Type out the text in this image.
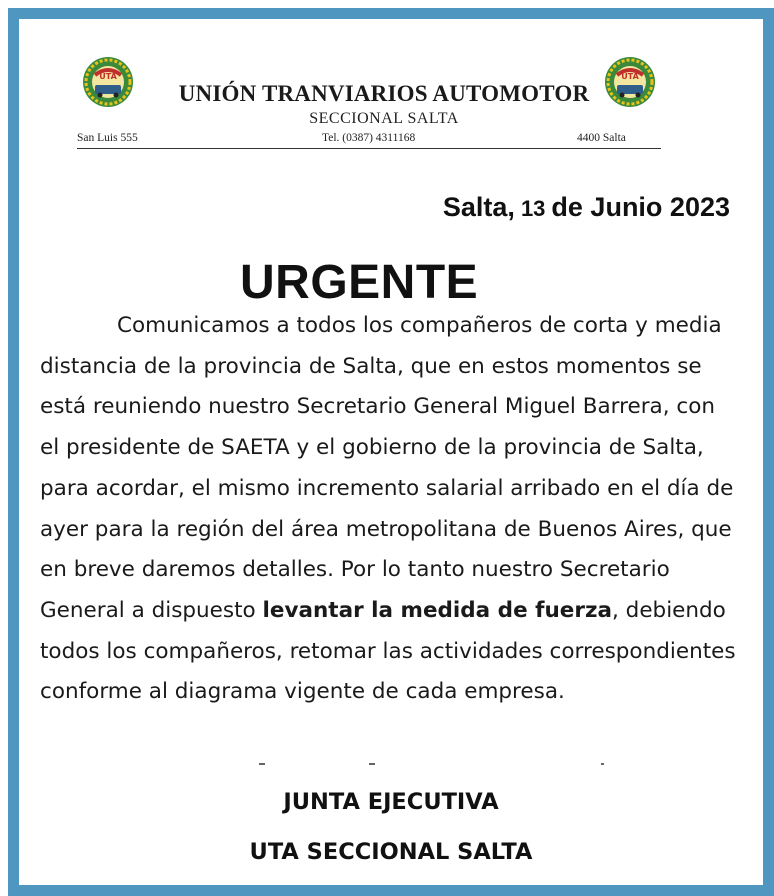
UTA
UNIÓN TRANVIARIOS AUTOMOTOR
SECCIONAL SALTA
UTA
San Luis 555	Tel. (0387) 4311168	4400 Salta
Salta, 13 de Junio 2023
URGENTE
Comunicamos a todos los compañeros de corta y media distancia de la provincia de Salta, que en estos momentos se está reuniendo nuestro Secretario General Miguel Barrera, con el presidente de SAETA y el gobierno de la provincia de Salta, para acordar, el mismo incremento salarial arribado en el día de ayer para la región del área metropolitana de Buenos Aires, que en breve daremos detalles. Por lo tanto nuestro Secretario General a dispuesto levantar la medida de fuerza, debiendo todos los compañeros, retomar las actividades correspondientes conforme al diagrama vigente de cada empresa.
JUNTA EJECUTIVA
UTA SECCIONAL SALTA
